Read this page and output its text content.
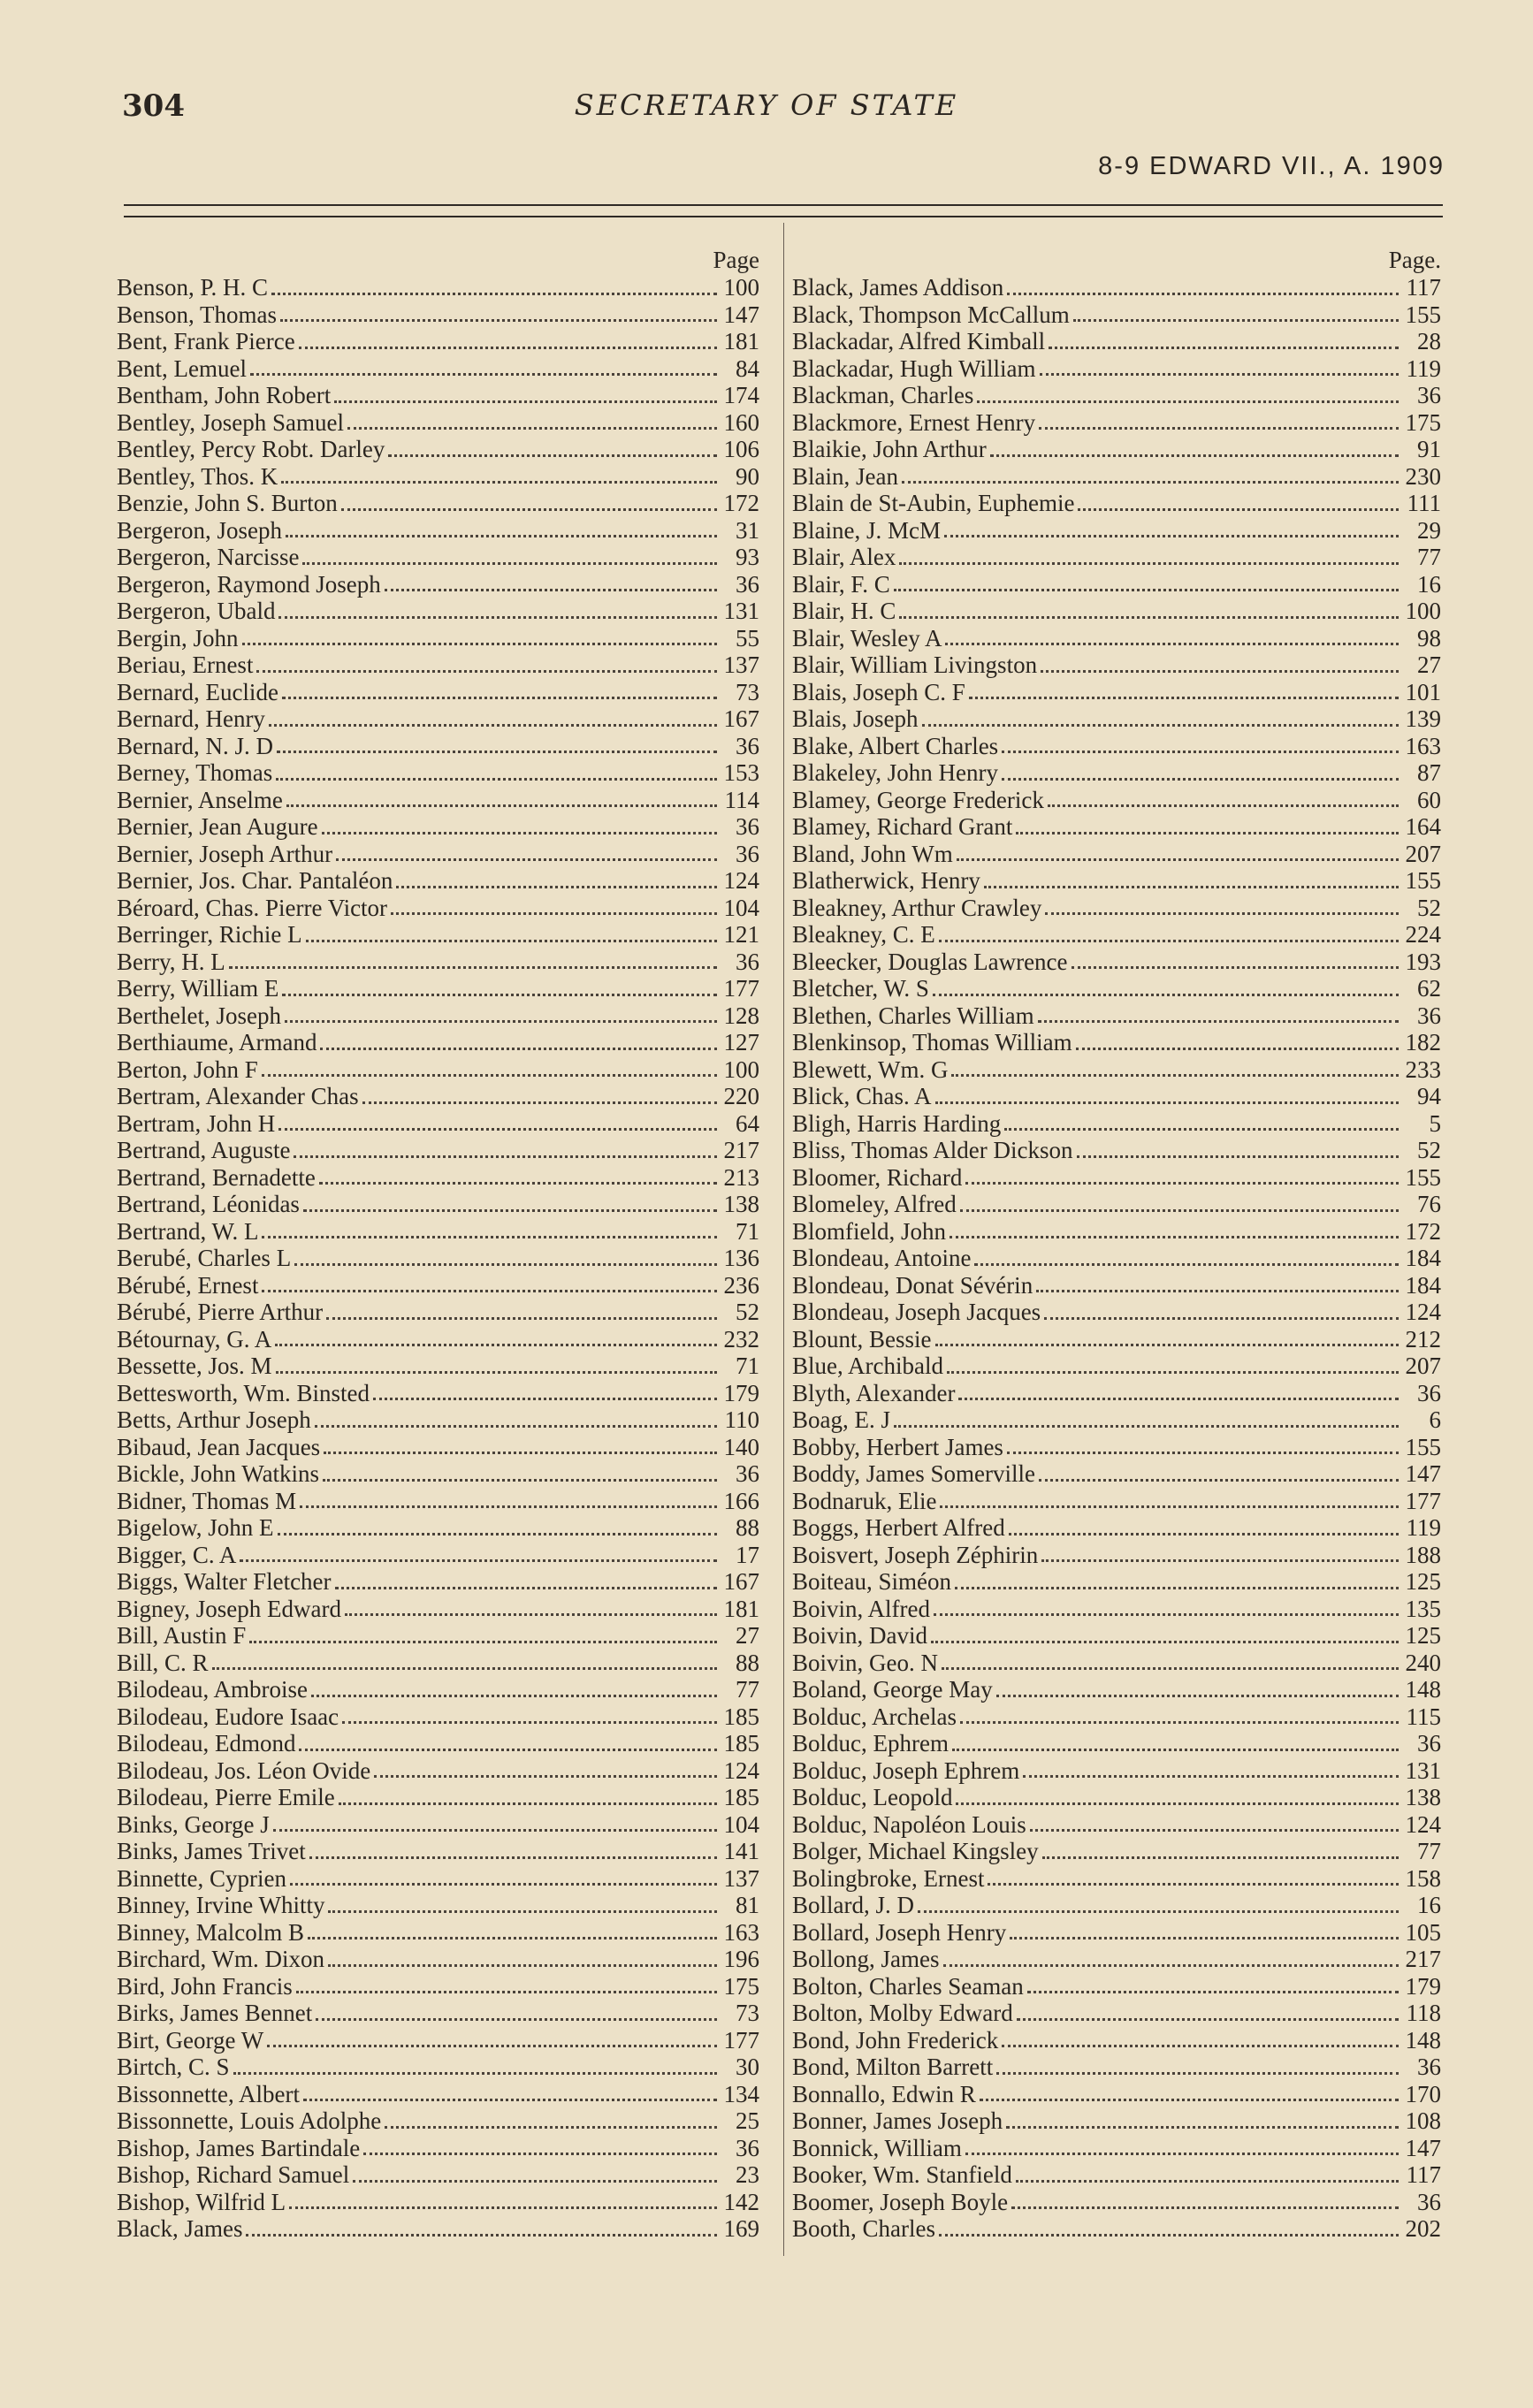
304	SECRETARY OF STATE
8-9 EDWARD VII., A. 1909
Page
Benson, P. H. C	100
Benson, Thomas	147
Bent, Frank Pierce	181
Bent, Lemuel	84
Bentham, John Robert	174
Bentley, Joseph Samuel	160
Bentley, Percy Robt. Darley	106
Bentley, Thos. K	90
Benzie, John S. Burton	172
Bergeron, Joseph	31
Bergeron, Narcisse	93
Bergeron, Raymond Joseph	36
Bergeron, Ubald	131
Bergin, John	55
Beriau, Ernest	137
Bernard, Euclide	73
Bernard, Henry	167
Bernard, N. J. D	36
Berney, Thomas	153
Bernier, Anselme	114
Bernier, Jean Augure	36
Bernier, Joseph Arthur	36
Bernier, Jos. Char. Pantaléon	124
Béroard, Chas. Pierre Victor	104
Berringer, Richie L	121
Berry, H. L	36
Berry, William E	177
Berthelet, Joseph	128
Berthiaume, Armand	127
Berton, John F	100
Bertram, Alexander Chas	220
Bertram, John H	64
Bertrand, Auguste	217
Bertrand, Bernadette	213
Bertrand, Léonidas	138
Bertrand, W. L	71
Berubé, Charles L	136
Bérubé, Ernest	236
Bérubé, Pierre Arthur	52
Bétournay, G. A	232
Bessette, Jos. M	71
Bettesworth, Wm. Binsted	179
Betts, Arthur Joseph	110
Bibaud, Jean Jacques	140
Bickle, John Watkins	36
Bidner, Thomas M	166
Bigelow, John E	88
Bigger, C. A	17
Biggs, Walter Fletcher	167
Bigney, Joseph Edward	181
Bill, Austin F	27
Bill, C. R	88
Bilodeau, Ambroise	77
Bilodeau, Eudore Isaac	185
Bilodeau, Edmond	185
Bilodeau, Jos. Léon Ovide	124
Bilodeau, Pierre Emile	185
Binks, George J	104
Binks, James Trivet	141
Binnette, Cyprien	137
Binney, Irvine Whitty	81
Binney, Malcolm B	163
Birchard, Wm. Dixon	196
Bird, John Francis	175
Birks, James Bennet	73
Birt, George W	177
Birtch, C. S	30
Bissonnette, Albert	134
Bissonnette, Louis Adolphe	25
Bishop, James Bartindale	36
Bishop, Richard Samuel	23
Bishop, Wilfrid L	142
Black, James	169
Page.
Black, James Addison	117
Black, Thompson McCallum	155
Blackadar, Alfred Kimball	28
Blackadar, Hugh William	119
Blackman, Charles	36
Blackmore, Ernest Henry	175
Blaikie, John Arthur	91
Blain, Jean	230
Blain de St-Aubin, Euphemie	111
Blaine, J. McM	29
Blair, Alex	77
Blair, F. C	16
Blair, H. C	100
Blair, Wesley A	98
Blair, William Livingston	27
Blais, Joseph C. F	101
Blais, Joseph	139
Blake, Albert Charles	163
Blakeley, John Henry	87
Blamey, George Frederick	60
Blamey, Richard Grant	164
Bland, John Wm	207
Blatherwick, Henry	155
Bleakney, Arthur Crawley	52
Bleakney, C. E	224
Bleecker, Douglas Lawrence	193
Bletcher, W. S	62
Blethen, Charles William	36
Blenkinsop, Thomas William	182
Blewett, Wm. G	233
Blick, Chas. A	94
Bligh, Harris Harding	5
Bliss, Thomas Alder Dickson	52
Bloomer, Richard	155
Blomeley, Alfred	76
Blomfield, John	172
Blondeau, Antoine	184
Blondeau, Donat Sévérin	184
Blondeau, Joseph Jacques	124
Blount, Bessie	212
Blue, Archibald	207
Blyth, Alexander	36
Boag, E. J	6
Bobby, Herbert James	155
Boddy, James Somerville	147
Bodnaruk, Elie	177
Boggs, Herbert Alfred	119
Boisvert, Joseph Zéphirin	188
Boiteau, Siméon	125
Boivin, Alfred	135
Boivin, David	125
Boivin, Geo. N	240
Boland, George May	148
Bolduc, Archelas	115
Bolduc, Ephrem	36
Bolduc, Joseph Ephrem	131
Bolduc, Leopold	138
Bolduc, Napoléon Louis	124
Bolger, Michael Kingsley	77
Bolingbroke, Ernest	158
Bollard, J. D	16
Bollard, Joseph Henry	105
Bollong, James	217
Bolton, Charles Seaman	179
Bolton, Molby Edward	118
Bond, John Frederick	148
Bond, Milton Barrett	36
Bonnallo, Edwin R	170
Bonner, James Joseph	108
Bonnick, William	147
Booker, Wm. Stanfield	117
Boomer, Joseph Boyle	36
Booth, Charles	202
